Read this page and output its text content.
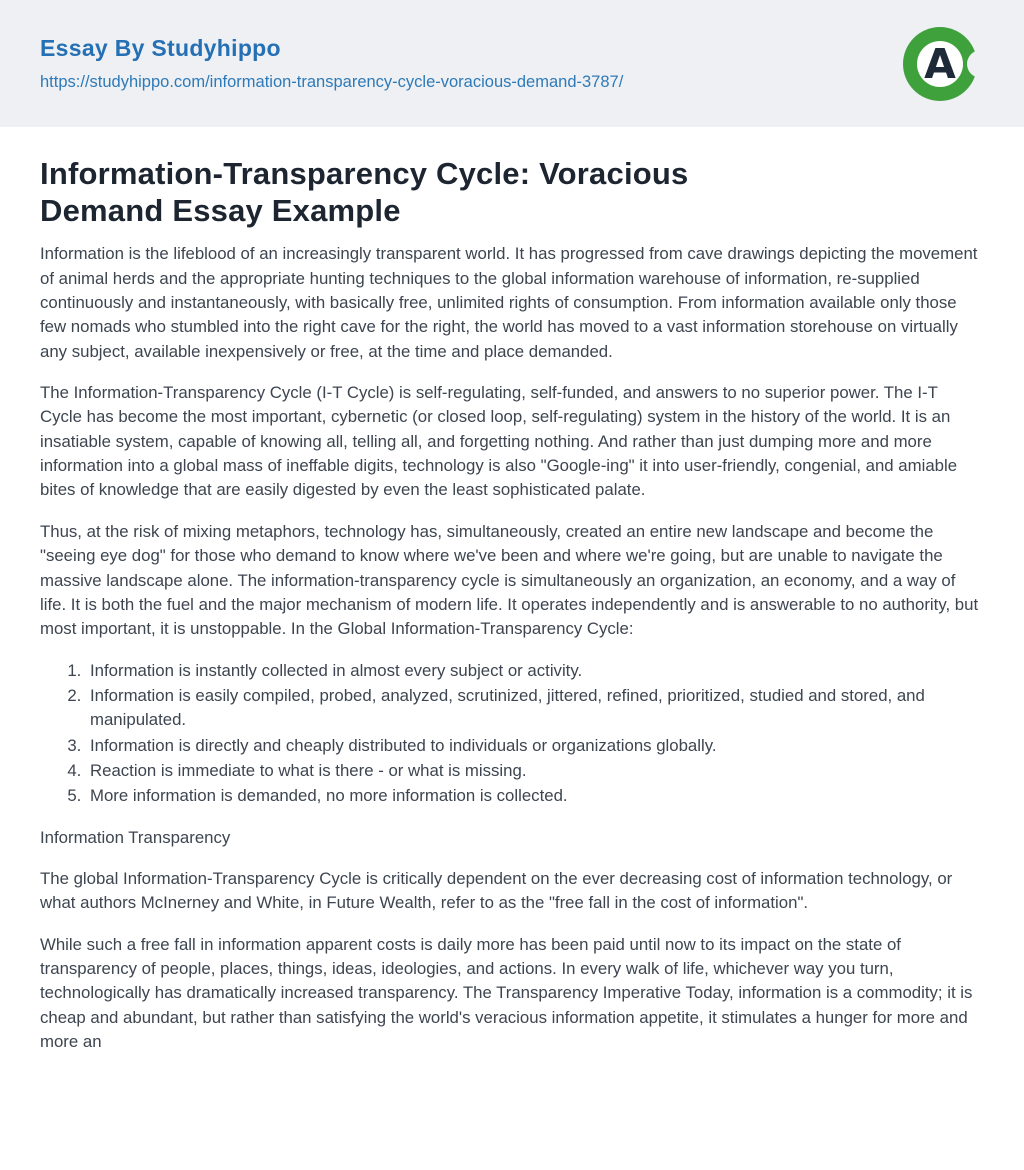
Essay By Studyhippo
https://studyhippo.com/information-transparency-cycle-voracious-demand-3787/	A
Information-Transparency Cycle: Voracious
Demand Essay Example

Information is the lifeblood of an increasingly transparent world. It has progressed from cave drawings depicting the movement of animal herds and the appropriate hunting techniques to the global information warehouse of information, re-supplied continuously and instantaneously, with basically free, unlimited rights of consumption. From information available only those few nomads who stumbled into the right cave for the right, the world has moved to a vast information storehouse on virtually any subject, available inexpensively or free, at the time and place demanded.

The Information-Transparency Cycle (I-T Cycle) is self-regulating, self-funded, and answers to no superior power. The I-T Cycle has become the most important, cybernetic (or closed loop, self-regulating) system in the history of the world. It is an insatiable system, capable of knowing all, telling all, and forgetting nothing. And rather than just dumping more and more information into a global mass of ineffable digits, technology is also "Google-ing" it into user-friendly, congenial, and amiable bites of knowledge that are easily digested by even the least sophisticated palate.

Thus, at the risk of mixing metaphors, technology has, simultaneously, created an entire new landscape and become the "seeing eye dog" for those who demand to know where we've been and where we're going, but are unable to navigate the massive landscape alone. The information-transparency cycle is simultaneously an organization, an economy, and a way of life. It is both the fuel and the major mechanism of modern life. It operates independently and is answerable to no authority, but most important, it is unstoppable. In the Global Information-Transparency Cycle:

1. Information is instantly collected in almost every subject or activity.
2. Information is easily compiled, probed, analyzed, scrutinized, jittered, refined, prioritized, studied and stored, and manipulated.
3. Information is directly and cheaply distributed to individuals or organizations globally.
4. Reaction is immediate to what is there - or what is missing.
5. More information is demanded, no more information is collected.

Information Transparency

The global Information-Transparency Cycle is critically dependent on the ever decreasing cost of information technology, or what authors McInerney and White, in Future Wealth, refer to as the "free fall in the cost of information".

While such a free fall in information apparent costs is daily more has been paid until now to its impact on the state of transparency of people, places, things, ideas, ideologies, and actions. In every walk of life, whichever way you turn, technologically has dramatically increased transparency. The Transparency Imperative Today, information is a commodity; it is cheap and abundant, but rather than satisfying the world's veracious information appetite, it stimulates a hunger for more and more an
